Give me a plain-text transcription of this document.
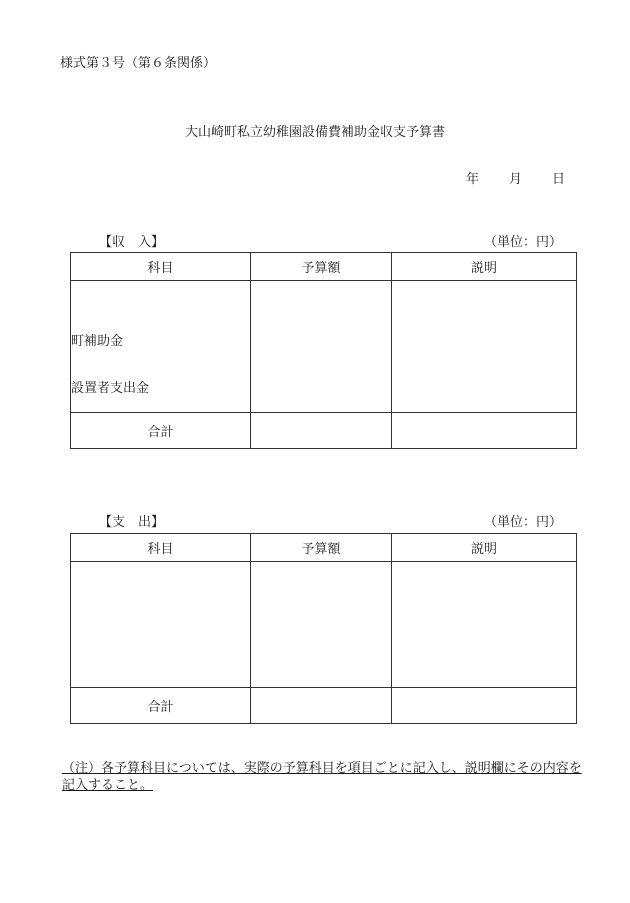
様式第３号（第６条関係）
大山崎町私立幼稚園設備費補助金収支予算書
年 月 日
【収　入】	（単位：円）
科目	予算額	説明

町補助金
設置者支出金		

合計		
【支　出】	（単位：円）
科目	予算額	説明

合計		
（注）各予算科目については、実際の予算科目を項目ごとに記入し、説明欄にその内容を記入すること。
